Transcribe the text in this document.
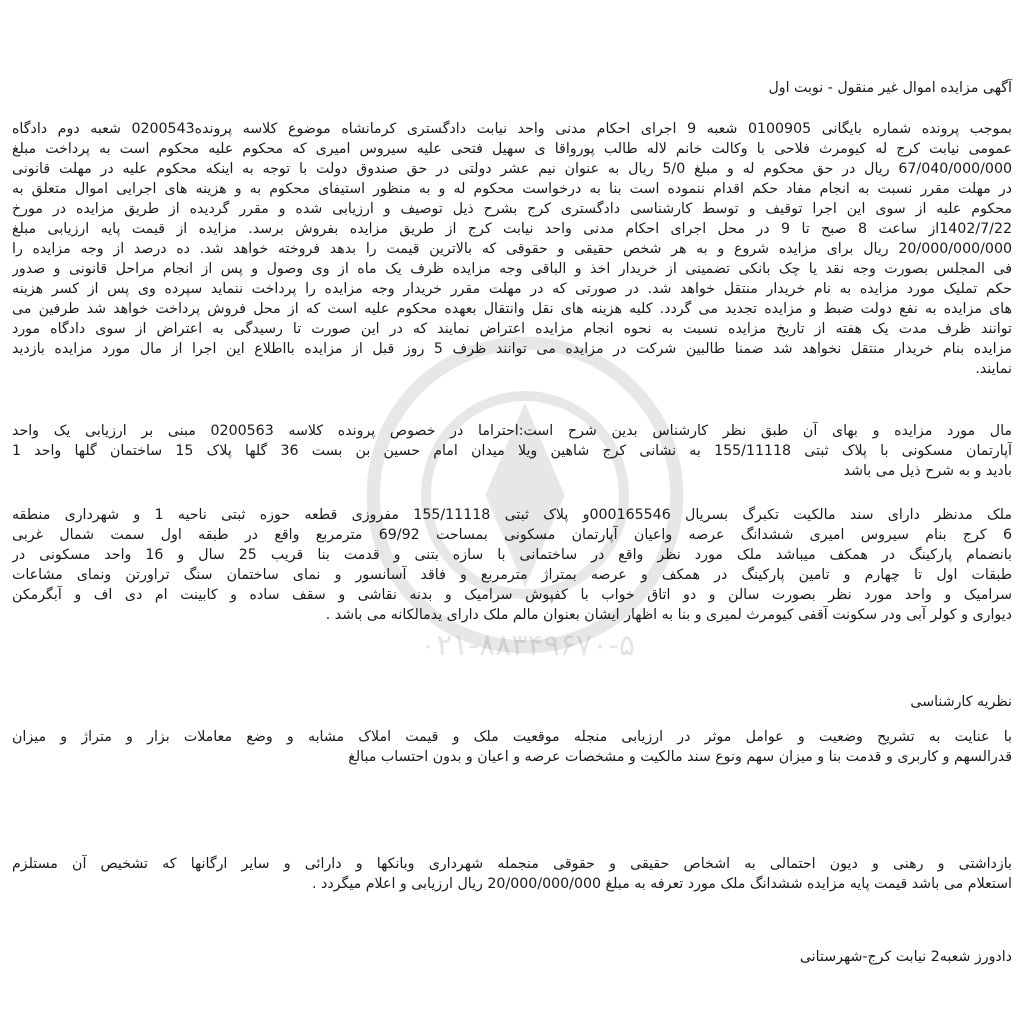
۰۲۱-۸۸۳۴۹۶۷۰-۵
آگهی مزایده اموال غیر منقول - نوبت اول
بموجب پرونده شماره بایگانی 0100905 شعبه 9 اجرای احکام مدنی واحد نیابت دادگستری کرمانشاه موضوع کلاسه پرونده0200543 شعبه دوم دادگاه
عمومی نیابت کرج له کیومرث فلاحی با وکالت خانم لاله طالب پورواقا ی سهیل فتحی علیه سیروس امیری که محکوم علیه محکوم است به پرداخت مبلغ
67/040/000/000 ریال در حق محکوم له و مبلغ 5/0 ریال به عنوان نیم عشر دولتی در حق صندوق دولت با توجه به اینکه محکوم علیه در مهلت قانونی
در مهلت مقرر نسبت به انجام مفاد حکم اقدام ننموده است بنا به درخواست محکوم له و به منظور استیفای محکوم به و هزینه های اجرایی اموال متعلق به
محکوم علیه از سوی این اجرا توقیف و توسط کارشناسی دادگستری کرج بشرح ذیل توصیف و ارزیابی شده و مقرر گردیده از طریق مزایده در مورخ
1402/7/22از ساعت 8 صبح تا 9 در محل اجرای احکام مدنی واحد نیابت کرج از طریق مزایده بفروش برسد. مزایده از قیمت پایه ارزیابی مبلغ
20/000/000/000 ریال برای مزایده شروع و به هر شخص حقیقی و حقوقی که بالاترین قیمت را بدهد فروخته خواهد شد. ده درصد از وجه مزایده را
فی المجلس بصورت وجه نقد یا چک بانکی تضمینی از خریدار اخذ و الباقی وجه مزایده ظرف یک ماه از وی وصول و پس از انجام مراحل قانونی و صدور
حکم تملیک مورد مزایده به نام خریدار منتقل خواهد شد. در صورتی که در مهلت مقرر خریدار وجه مزایده را پرداخت ننماید سپرده وی پس از کسر هزینه
های مزایده به نفع دولت ضبط و مزایده تجدید می گردد. کلیه هزینه های نقل وانتقال بعهده محکوم علیه است که از محل فروش پرداخت خواهد شد طرفین می
توانند ظرف مدت یک هفته از تاریخ مزایده نسبت به نحوه انجام مزایده اعتراض نمایند که در این صورت تا رسیدگی به اعتراض از سوی دادگاه مورد
مزایده بنام خریدار منتقل نخواهد شد ضمنا طالبین شرکت در مزایده می توانند ظرف 5 روز قبل از مزایده بااطلاع این اجرا از مال مورد مزایده بازدید
نمایند.
مال مورد مزایده و بهای آن طبق نظر کارشناس بدین شرح است:احتراما در خصوص پرونده کلاسه 0200563 مبنی بر ارزیابی یک واحد
آپارتمان مسکونی با پلاک ثبتی 155/11118 به نشانی کرج شاهین ویلا میدان امام حسین بن بست 36 گلها پلاک 15 ساختمان گلها واحد 1
بادید و به شرح ذیل می باشد
ملک مدنظر دارای سند مالکیت تکبرگ بسریال 000165546و پلاک ثبتی 155/11118 مفروزی قطعه حوزه ثبتی ناحیه 1 و شهرداری منطقه
6 کرج بنام سیروس امیری ششدانگ عرصه واعیان آپارتمان مسکونی بمساحت 69/92 مترمربع واقع در طبقه اول سمت شمال غربی
بانضمام پارکینگ در همکف میباشد ملک مورد نظر واقع در ساختمانی با سازه بتنی و قدمت بنا قریب 25 سال و 16 واحد مسکونی در
طبقات اول تا چهارم و تامین پارکینگ در همکف و عرصه بمتراژ مترمربع و فاقد آسانسور و نمای ساختمان سنگ تراورتن ونمای مشاعات
سرامیک و واحد مورد نظر بصورت سالن و دو اتاق خواب با کفپوش سرامیک و بدنه نقاشی و سقف ساده و کابینت ام دی اف و آبگرمکن
دیواری و کولر آبی ودر سکونت آقفی کیومرث لمیری و بنا به اظهار ایشان بعنوان مالم ملک دارای یدمالکانه می باشد .
نظریه کارشناسی
با عنایت به تشریح وضعیت و عوامل موثر در ارزیابی منجله موقعیت ملک و قیمت املاک مشابه و وضع معاملات بزار و متراژ و میزان
قدرالسهم و کاربری و قدمت بنا و میزان سهم ونوع سند مالکیت و مشخصات عرصه و اعیان و بدون احتساب مبالغ
بازداشتی و رهنی و دیون احتمالی به اشخاص حقیقی و حقوقی منجمله شهرداری وبانکها و دارائی و سایر ارگانها که تشخیص آن مستلزم
استعلام می باشد قیمت پایه مزایده ششدانگ ملک مورد تعرفه به مبلغ 20/000/000/000 ریال ارزیابی و اعلام میگردد .
دادورز شعبه2 نیابت کرج-شهرستانی
